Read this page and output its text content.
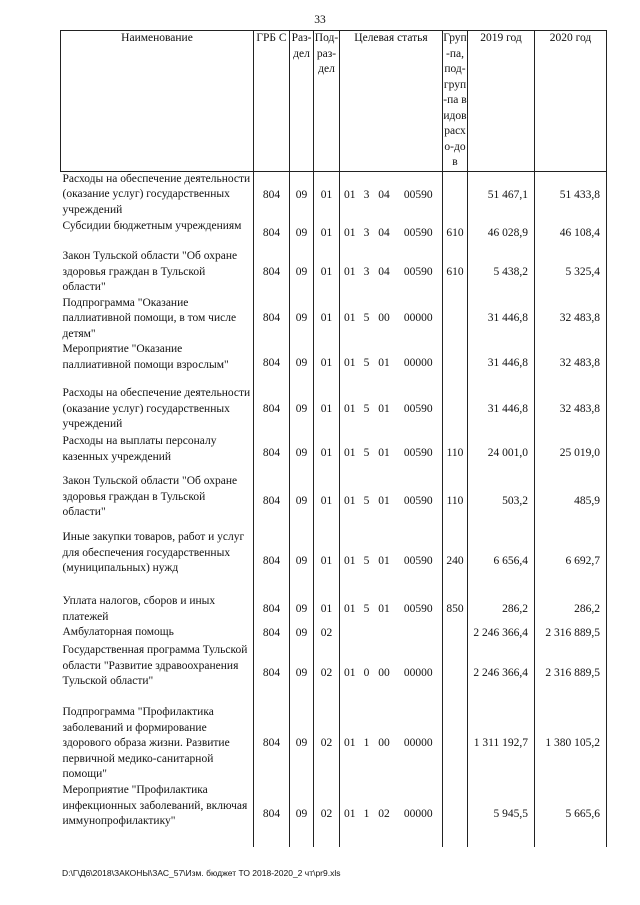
33
Наименование	ГРБ С	Раз-дел	Под-раз-дел	Целевая статья				Груп-па, под-груп-па видов расхо-дов	2019 год	2020 год
Расходы на обеспечение деятельности (оказание услуг) государственных учреждений	804	09	01	01	3	04	00590		51 467,1	51 433,8
Субсидии бюджетным учреждениям	804	09	01	01	3	04	00590	610	46 028,9	46 108,4
Закон Тульской области "Об охране здоровья граждан в Тульской области"	804	09	01	01	3	04	00590	610	5 438,2	5 325,4
Подпрограмма "Оказание паллиативной помощи, в том числе детям"	804	09	01	01	5	00	00000		31 446,8	32 483,8
Мероприятие "Оказание паллиативной помощи взрослым"	804	09	01	01	5	01	00000		31 446,8	32 483,8
Расходы на обеспечение деятельности (оказание услуг) государственных учреждений	804	09	01	01	5	01	00590		31 446,8	32 483,8
Расходы на выплаты персоналу казенных учреждений	804	09	01	01	5	01	00590	110	24 001,0	25 019,0
Закон Тульской области "Об охране здоровья граждан в Тульской области"	804	09	01	01	5	01	00590	110	503,2	485,9
Иные закупки товаров, работ и услуг для обеспечения государственных (муниципальных) нужд	804	09	01	01	5	01	00590	240	6 656,4	6 692,7
Уплата налогов, сборов и иных платежей	804	09	01	01	5	01	00590	850	286,2	286,2
Амбулаторная помощь	804	09	02						2 246 366,4	2 316 889,5
Государственная программа Тульской области "Развитие здравоохранения Тульской области"	804	09	02	01	0	00	00000		2 246 366,4	2 316 889,5
Подпрограмма "Профилактика заболеваний и формирование здорового образа жизни. Развитие первичной медико-санитарной помощи"	804	09	02	01	1	00	00000		1 311 192,7	1 380 105,2
Мероприятие "Профилактика инфекционных заболеваний, включая иммунопрофилактику"	804	09	02	01	1	02	00000		5 945,5	5 665,6
D:\Г\Д6\2018\ЗАКОНЫ\ЗАС_57\Изм. бюджет ТО 2018-2020_2 чт\pr9.xls
